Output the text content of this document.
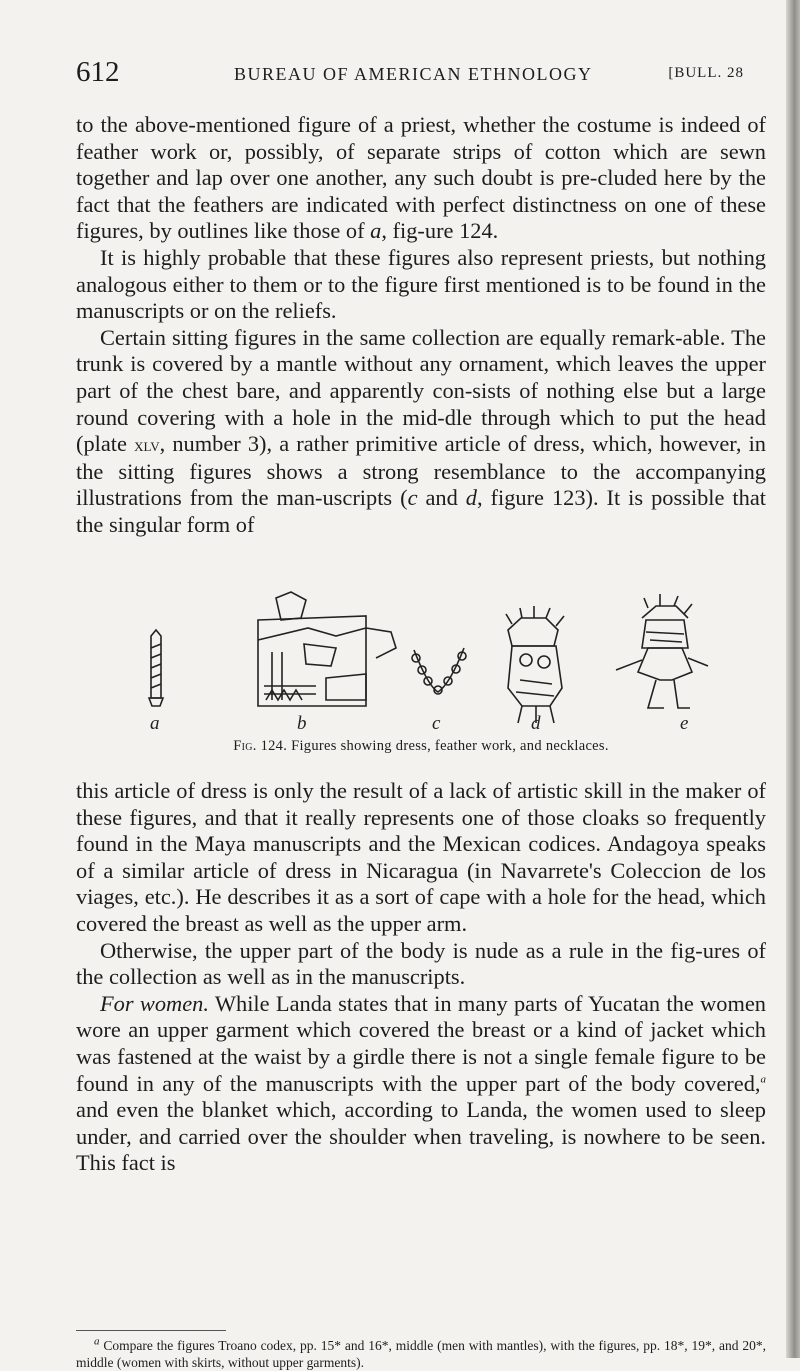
612	BUREAU OF AMERICAN ETHNOLOGY	[BULL. 28

to the above-mentioned figure of a priest, whether the costume is indeed of feather work or, possibly, of separate strips of cotton which are sewn together and lap over one another, any such doubt is pre-cluded here by the fact that the feathers are indicated with perfect distinctness on one of these figures, by outlines like those of a, fig-ure 124.

It is highly probable that these figures also represent priests, but nothing analogous either to them or to the figure first mentioned is to be found in the manuscripts or on the reliefs.

Certain sitting figures in the same collection are equally remark-able. The trunk is covered by a mantle without any ornament, which leaves the upper part of the chest bare, and apparently con-sists of nothing else but a large round covering with a hole in the mid-dle through which to put the head (plate xlv, number 3), a rather primitive article of dress, which, however, in the sitting figures shows a strong resemblance to the accompanying illustrations from the man-uscripts (c and d, figure 123). It is possible that the singular form of

a	b	c	d	e
Fig. 124. Figures showing dress, feather work, and necklaces.

this article of dress is only the result of a lack of artistic skill in the maker of these figures, and that it really represents one of those cloaks so frequently found in the Maya manuscripts and the Mexican codices. Andagoya speaks of a similar article of dress in Nicaragua (in Navarrete's Coleccion de los viages, etc.). He describes it as a sort of cape with a hole for the head, which covered the breast as well as the upper arm.

Otherwise, the upper part of the body is nude as a rule in the fig-ures of the collection as well as in the manuscripts.

For women. While Landa states that in many parts of Yucatan the women wore an upper garment which covered the breast or a kind of jacket which was fastened at the waist by a girdle there is not a single female figure to be found in any of the manuscripts with the upper part of the body covered,$^a$ and even the blanket which, according to Landa, the women used to sleep under, and carried over the shoulder when traveling, is nowhere to be seen. This fact is

$^a$ Compare the figures Troano codex, pp. 15* and 16*, middle (men with mantles), with the figures, pp. 18*, 19*, and 20*, middle (women with skirts, without upper garments).
